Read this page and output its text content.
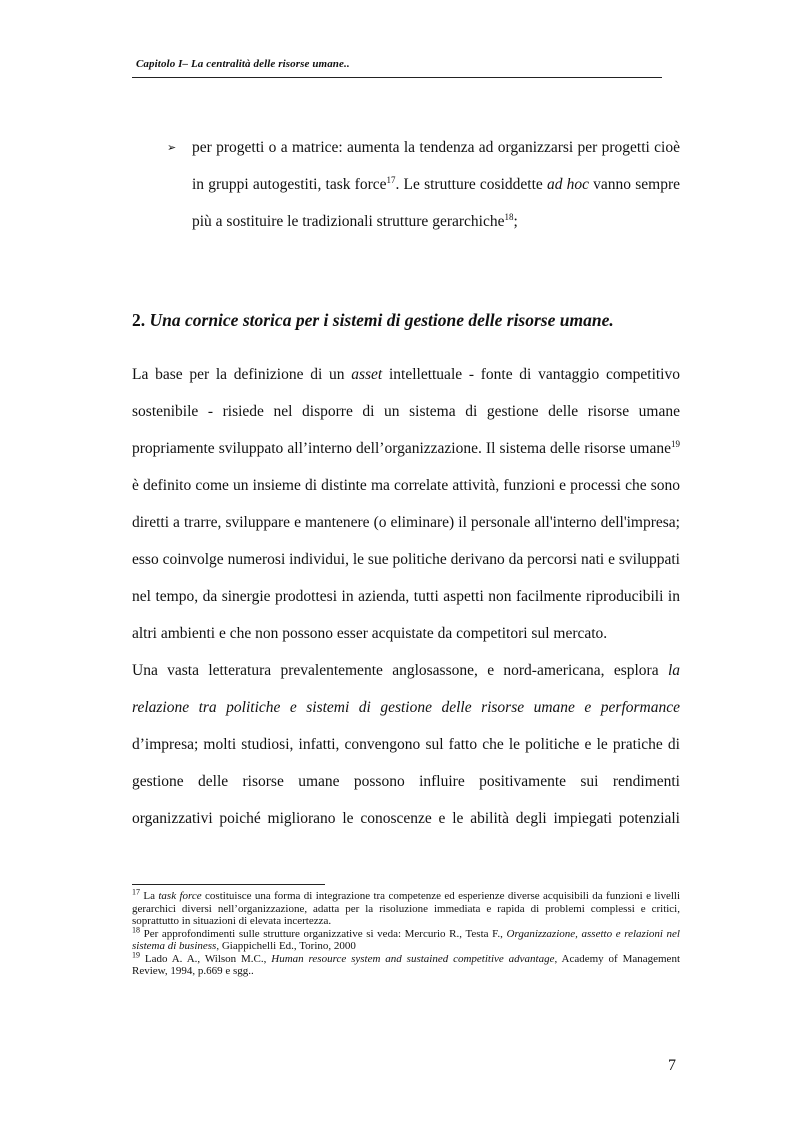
Capitolo I– La centralità delle risorse umane..
➢ per progetti o a matrice: aumenta la tendenza ad organizzarsi per progetti cioè in gruppi autogestiti, task force$^{17}$. Le strutture cosiddette ad hoc vanno sempre più a sostituire le tradizionali strutture gerarchiche$^{18}$;
2. Una cornice storica per i sistemi di gestione delle risorse umane.

La base per la definizione di un asset intellettuale - fonte di vantaggio competitivo sostenibile - risiede nel disporre di un sistema di gestione delle risorse umane propriamente sviluppato all’interno dell’organizzazione. Il sistema delle risorse umane$^{19}$ è definito come un insieme di distinte ma correlate attività, funzioni e processi che sono diretti a trarre, sviluppare e mantenere (o eliminare) il personale all'interno dell'impresa; esso coinvolge numerosi individui, le sue politiche derivano da percorsi nati e sviluppati nel tempo, da sinergie prodottesi in azienda, tutti aspetti non facilmente riproducibili in altri ambienti e che non possono esser acquistate da competitori sul mercato.

Una vasta letteratura prevalentemente anglosassone, e nord-americana, esplora la relazione tra politiche e sistemi di gestione delle risorse umane e performance d’impresa; molti studiosi, infatti, convengono sul fatto che le politiche e le pratiche di gestione delle risorse umane possono influire positivamente sui rendimenti organizzativi poiché migliorano le conoscenze e le abilità degli impiegati potenziali

$^{17}$ La task force costituisce una forma di integrazione tra competenze ed esperienze diverse acquisibili da funzioni e livelli gerarchici diversi nell’organizzazione, adatta per la risoluzione immediata e rapida di problemi complessi e critici, soprattutto in situazioni di elevata incertezza.

$^{18}$ Per approfondimenti sulle strutture organizzative si veda: Mercurio R., Testa F., Organizzazione, assetto e relazioni nel sistema di business, Giappichelli Ed., Torino, 2000

$^{19}$ Lado A. A., Wilson M.C., Human resource system and sustained competitive advantage, Academy of Management Review, 1994, p.669 e sgg..

7
